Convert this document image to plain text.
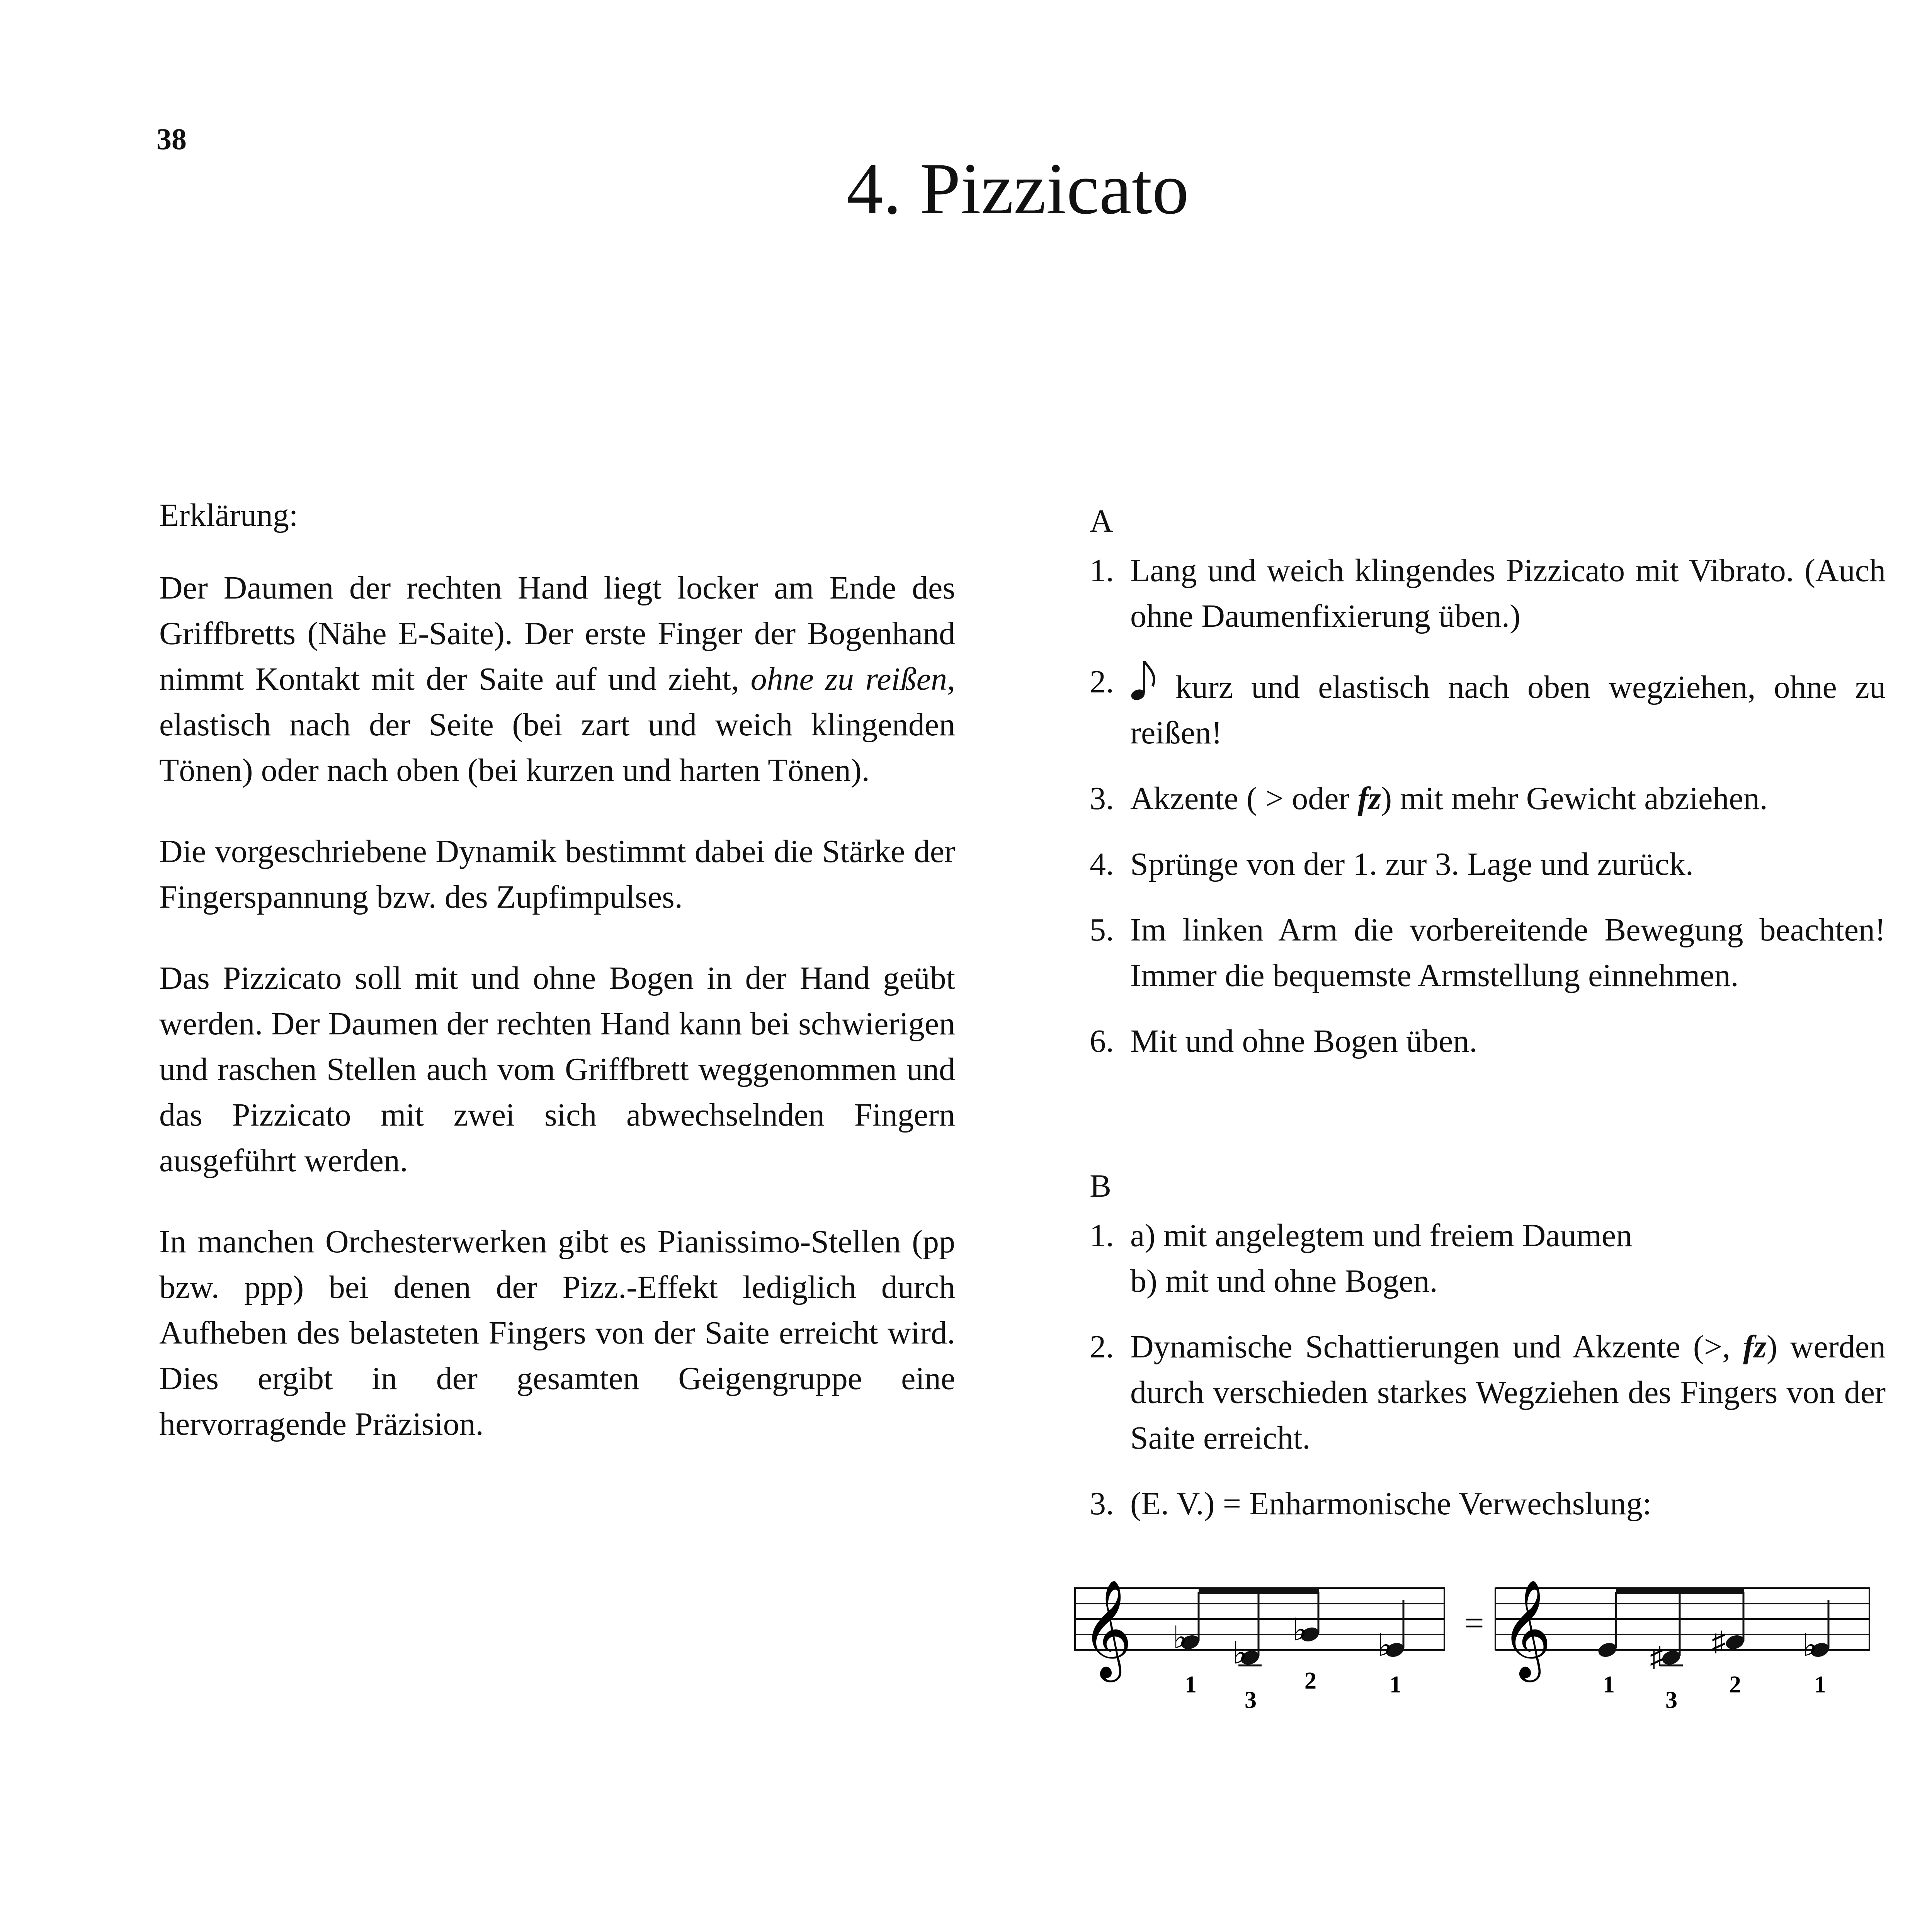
38
4. Pizzicato

Erklärung:

Der Daumen der rechten Hand liegt locker am Ende des Griffbretts (Nähe E-Saite). Der erste Finger der Bogenhand nimmt Kontakt mit der Saite auf und zieht, ohne zu reißen, elastisch nach der Seite (bei zart und weich klingenden Tönen) oder nach oben (bei kurzen und harten Tönen).

Die vorgeschriebene Dynamik bestimmt dabei die Stärke der Fingerspannung bzw. des Zupfimpulses.

Das Pizzicato soll mit und ohne Bogen in der Hand geübt werden. Der Daumen der rechten Hand kann bei schwierigen und raschen Stellen auch vom Griffbrett weggenommen und das Pizzicato mit zwei sich abwechselnden Fingern ausgeführt werden.

In manchen Orchesterwerken gibt es Pianissimo-Stellen (pp bzw. ppp) bei denen der Pizz.-Effekt lediglich durch Aufheben des belasteten Fingers von der Saite erreicht wird. Dies ergibt in der gesamten Geigengruppe eine hervorragende Präzision.

A

1. Lang und weich klingendes Pizzicato mit Vibrato. (Auch ohne Daumenfixierung üben.)
2. kurz und elastisch nach oben wegziehen, ohne zu reißen!
3. Akzente ( > oder fz) mit mehr Gewicht abziehen.
4. Sprünge von der 1. zur 3. Lage und zurück.
5. Im linken Arm die vorbereitende Bewegung beachten! Immer die bequemste Armstellung einnehmen.
6. Mit und ohne Bogen üben.

B

1. a) mit angelegtem und freiem Daumen
b) mit und ohne Bogen.
2. Dynamische Schattierungen und Akzente (>, fz) werden durch verschieden starkes Wegziehen des Fingers von der Saite erreicht.
3. (E. V.) = Enharmonische Verwechslung:
𝄞	𝄞
♭ ♭
♭ ♭
1
3
2	1
=
♯ ♯ ♭
1
3
2	1
